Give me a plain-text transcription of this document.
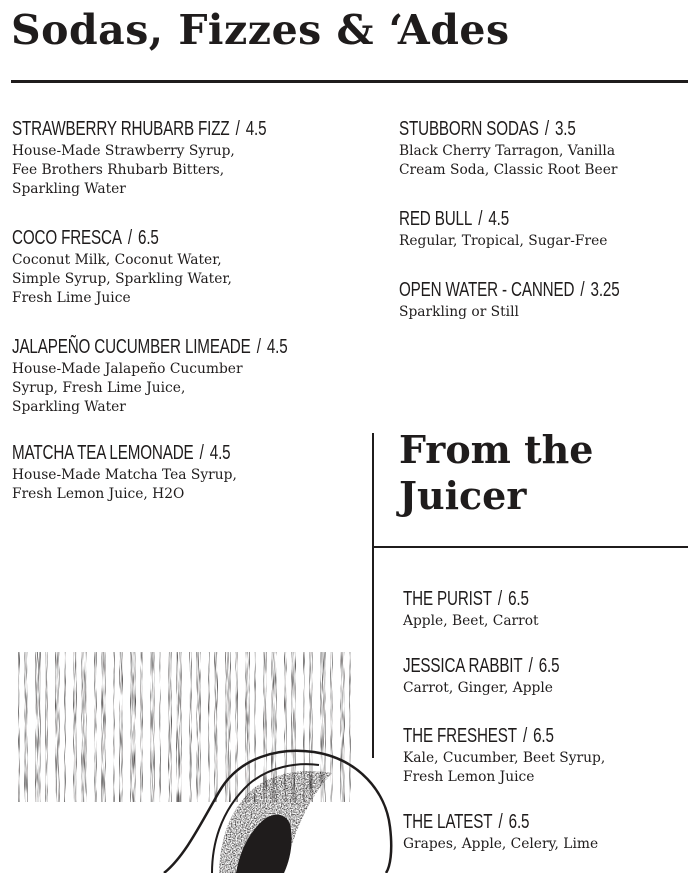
Sodas, Fizzes & ‘Ades
STRAWBERRY RHUBARB FIZZ / 4.5
House-Made Strawberry Syrup,
Fee Brothers Rhubarb Bitters,
Sparkling Water
COCO FRESCA / 6.5
Coconut Milk, Coconut Water,
Simple Syrup, Sparkling Water,
Fresh Lime Juice
JALAPEÑO CUCUMBER LIMEADE / 4.5
House-Made Jalapeño Cucumber
Syrup, Fresh Lime Juice,
Sparkling Water
MATCHA TEA LEMONADE / 4.5
House-Made Matcha Tea Syrup,
Fresh Lemon Juice, H2O
STUBBORN SODAS / 3.5
Black Cherry Tarragon, Vanilla
Cream Soda, Classic Root Beer
RED BULL / 4.5
Regular, Tropical, Sugar-Free
OPEN WATER - CANNED / 3.25
Sparkling or Still
From the
Juicer
THE PURIST / 6.5
Apple, Beet, Carrot
JESSICA RABBIT / 6.5
Carrot, Ginger, Apple
THE FRESHEST / 6.5
Kale, Cucumber, Beet Syrup,
Fresh Lemon Juice
THE LATEST / 6.5
Grapes, Apple, Celery, Lime
